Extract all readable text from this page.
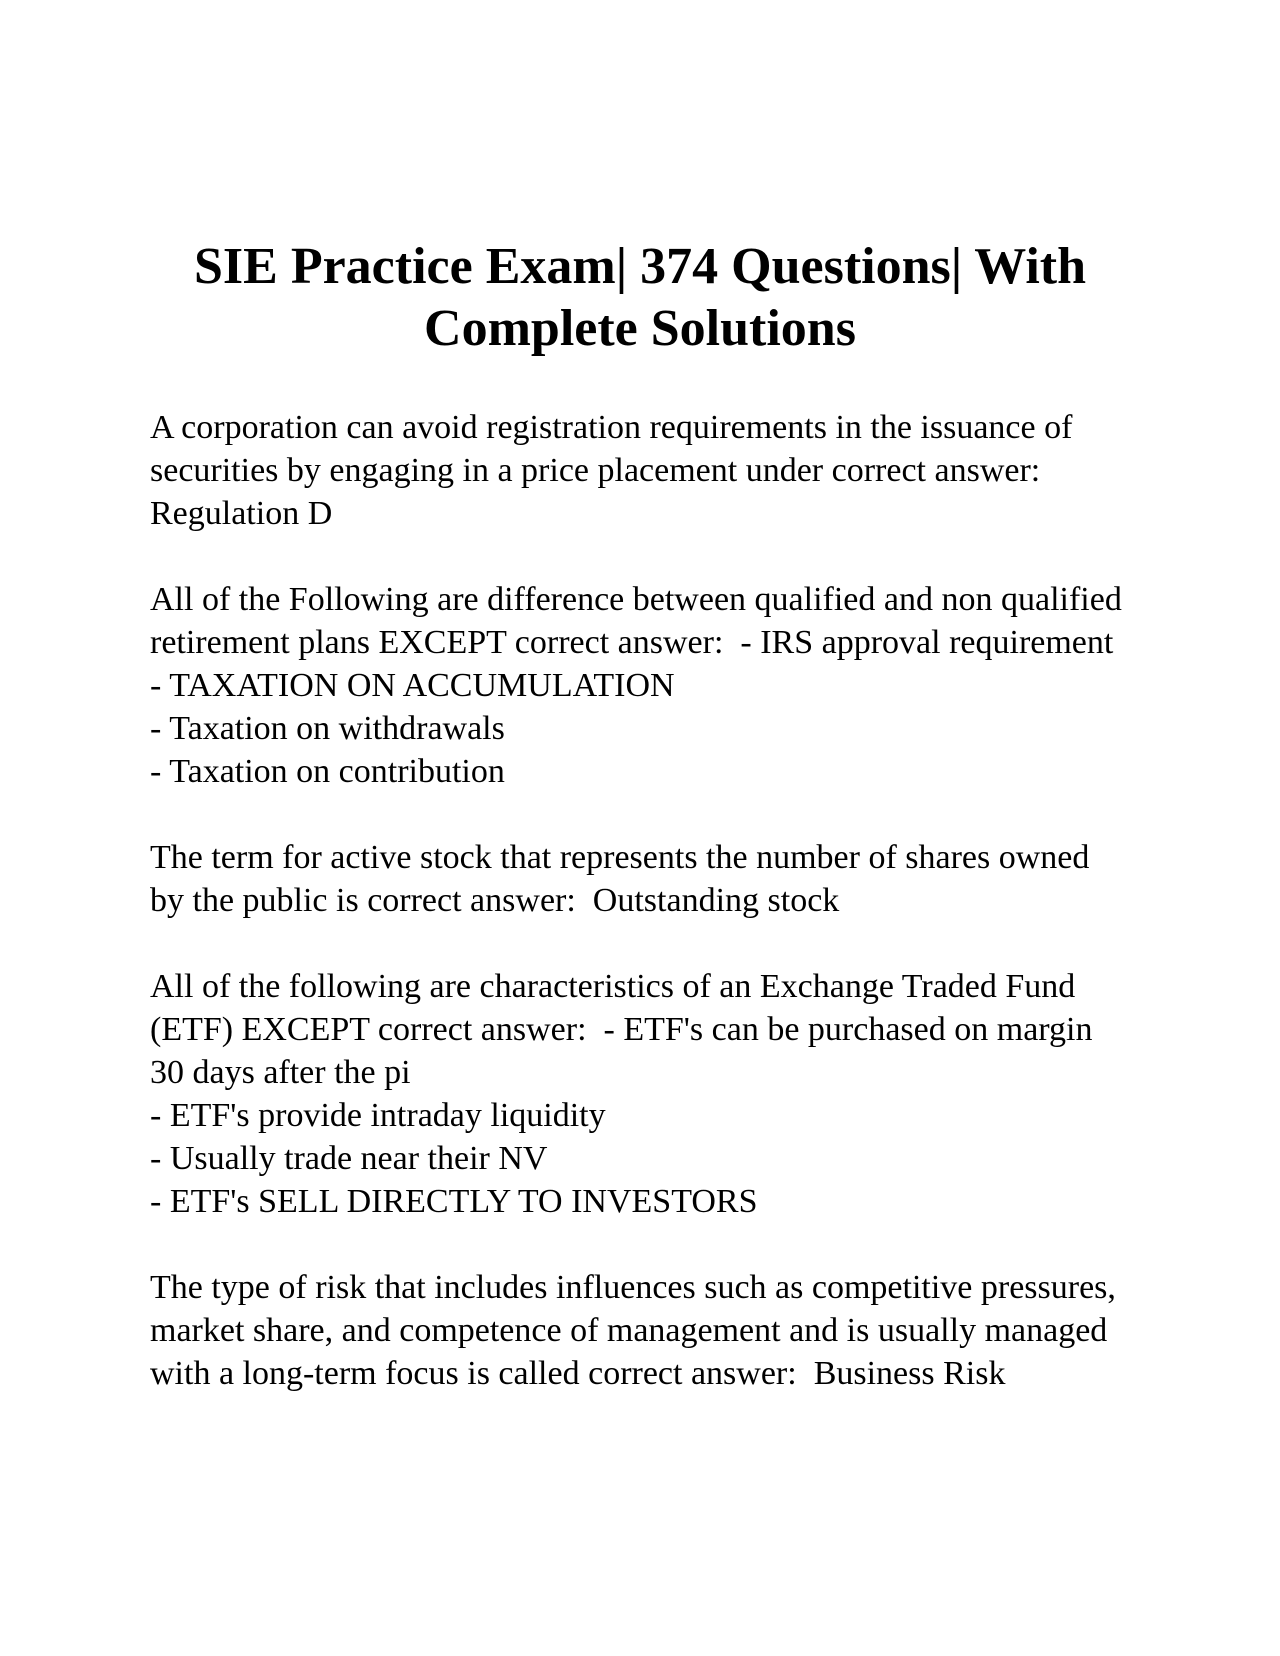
SIE Practice Exam| 374 Questions| With
Complete Solutions

A corporation can avoid registration requirements in the issuance of securities by engaging in a price placement under correct answer:  Regulation D

All of the Following are difference between qualified and non qualified retirement plans EXCEPT correct answer:  - IRS approval requirement

- TAXATION ON ACCUMULATION
- Taxation on withdrawals
- Taxation on contribution

The term for active stock that represents the number of shares owned by the public is correct answer:  Outstanding stock

All of the following are characteristics of an Exchange Traded Fund (ETF) EXCEPT correct answer:  - ETF's can be purchased on margin 30 days after the pi

- ETF's provide intraday liquidity
- Usually trade near their NV
- ETF's SELL DIRECTLY TO INVESTORS

The type of risk that includes influences such as competitive pressures, market share, and competence of management and is usually managed with a long-term focus is called correct answer:  Business Risk
